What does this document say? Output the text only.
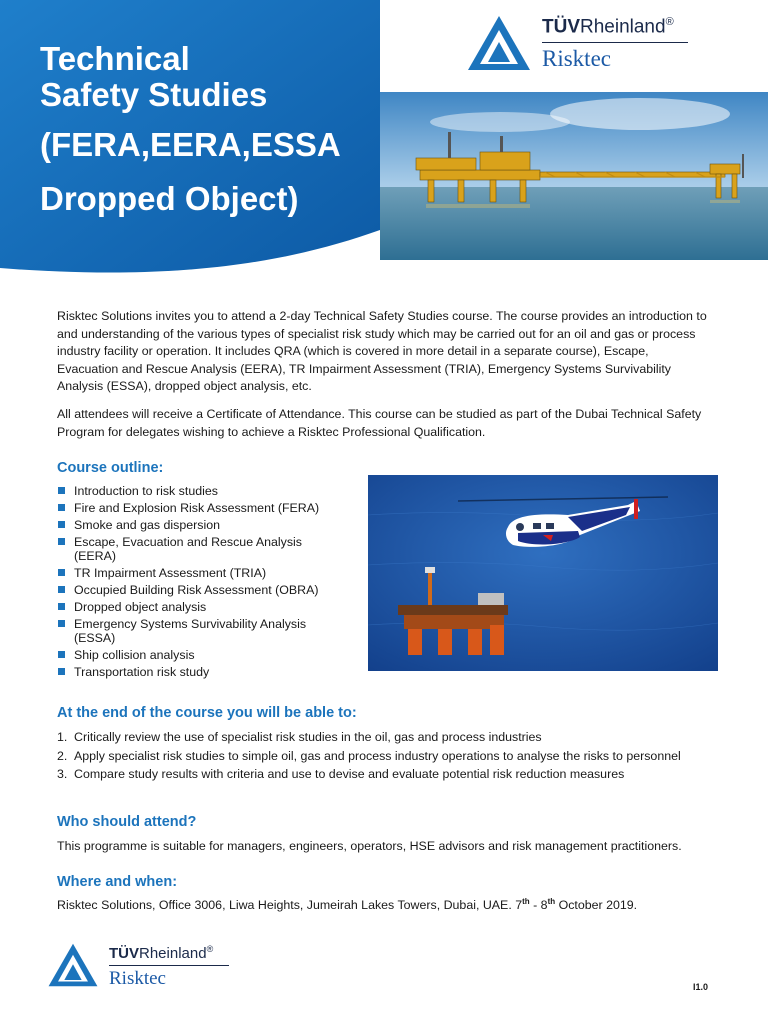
Technical
Safety Studies
(FERA,EERA,ESSA
Dropped Object)
TÜVRheinland®
Risktec

Risktec Solutions invites you to attend a 2-day Technical Safety Studies course. The course provides an introduction to and understanding of the various types of specialist risk study which may be carried out for an oil and gas or process industry facility or operation. It includes QRA (which is covered in more detail in a separate course), Escape, Evacuation and Rescue Analysis (EERA), TR Impairment Assessment (TRIA), Emergency Systems Survivability Analysis (ESSA), dropped object analysis, etc.

All attendees will receive a Certificate of Attendance. This course can be studied as part of the Dubai Technical Safety Program for delegates wishing to achieve a Risktec Professional Qualification.

Course outline:
Introduction to risk studies
Fire and Explosion Risk Assessment (FERA)
Smoke and gas dispersion
Escape, Evacuation and Rescue Analysis (EERA)
TR Impairment Assessment (TRIA)
Occupied Building Risk Assessment (OBRA)
Dropped object analysis
Emergency Systems Survivability Analysis (ESSA)
Ship collision analysis
Transportation risk study
At the end of the course you will be able to:
1. Critically review the use of specialist risk studies in the oil, gas and process industries
2. Apply specialist risk studies to simple oil, gas and process industry operations to analyse the risks to personnel
3. Compare study results with criteria and use to devise and evaluate potential risk reduction measures
Who should attend?
This programme is suitable for managers, engineers, operators, HSE advisors and risk management practitioners.
Where and when:
Risktec Solutions, Office 3006, Liwa Heights, Jumeirah Lakes Towers, Dubai, UAE. 7th - 8th October 2019.
TÜVRheinland®
Risktec	I1.0
